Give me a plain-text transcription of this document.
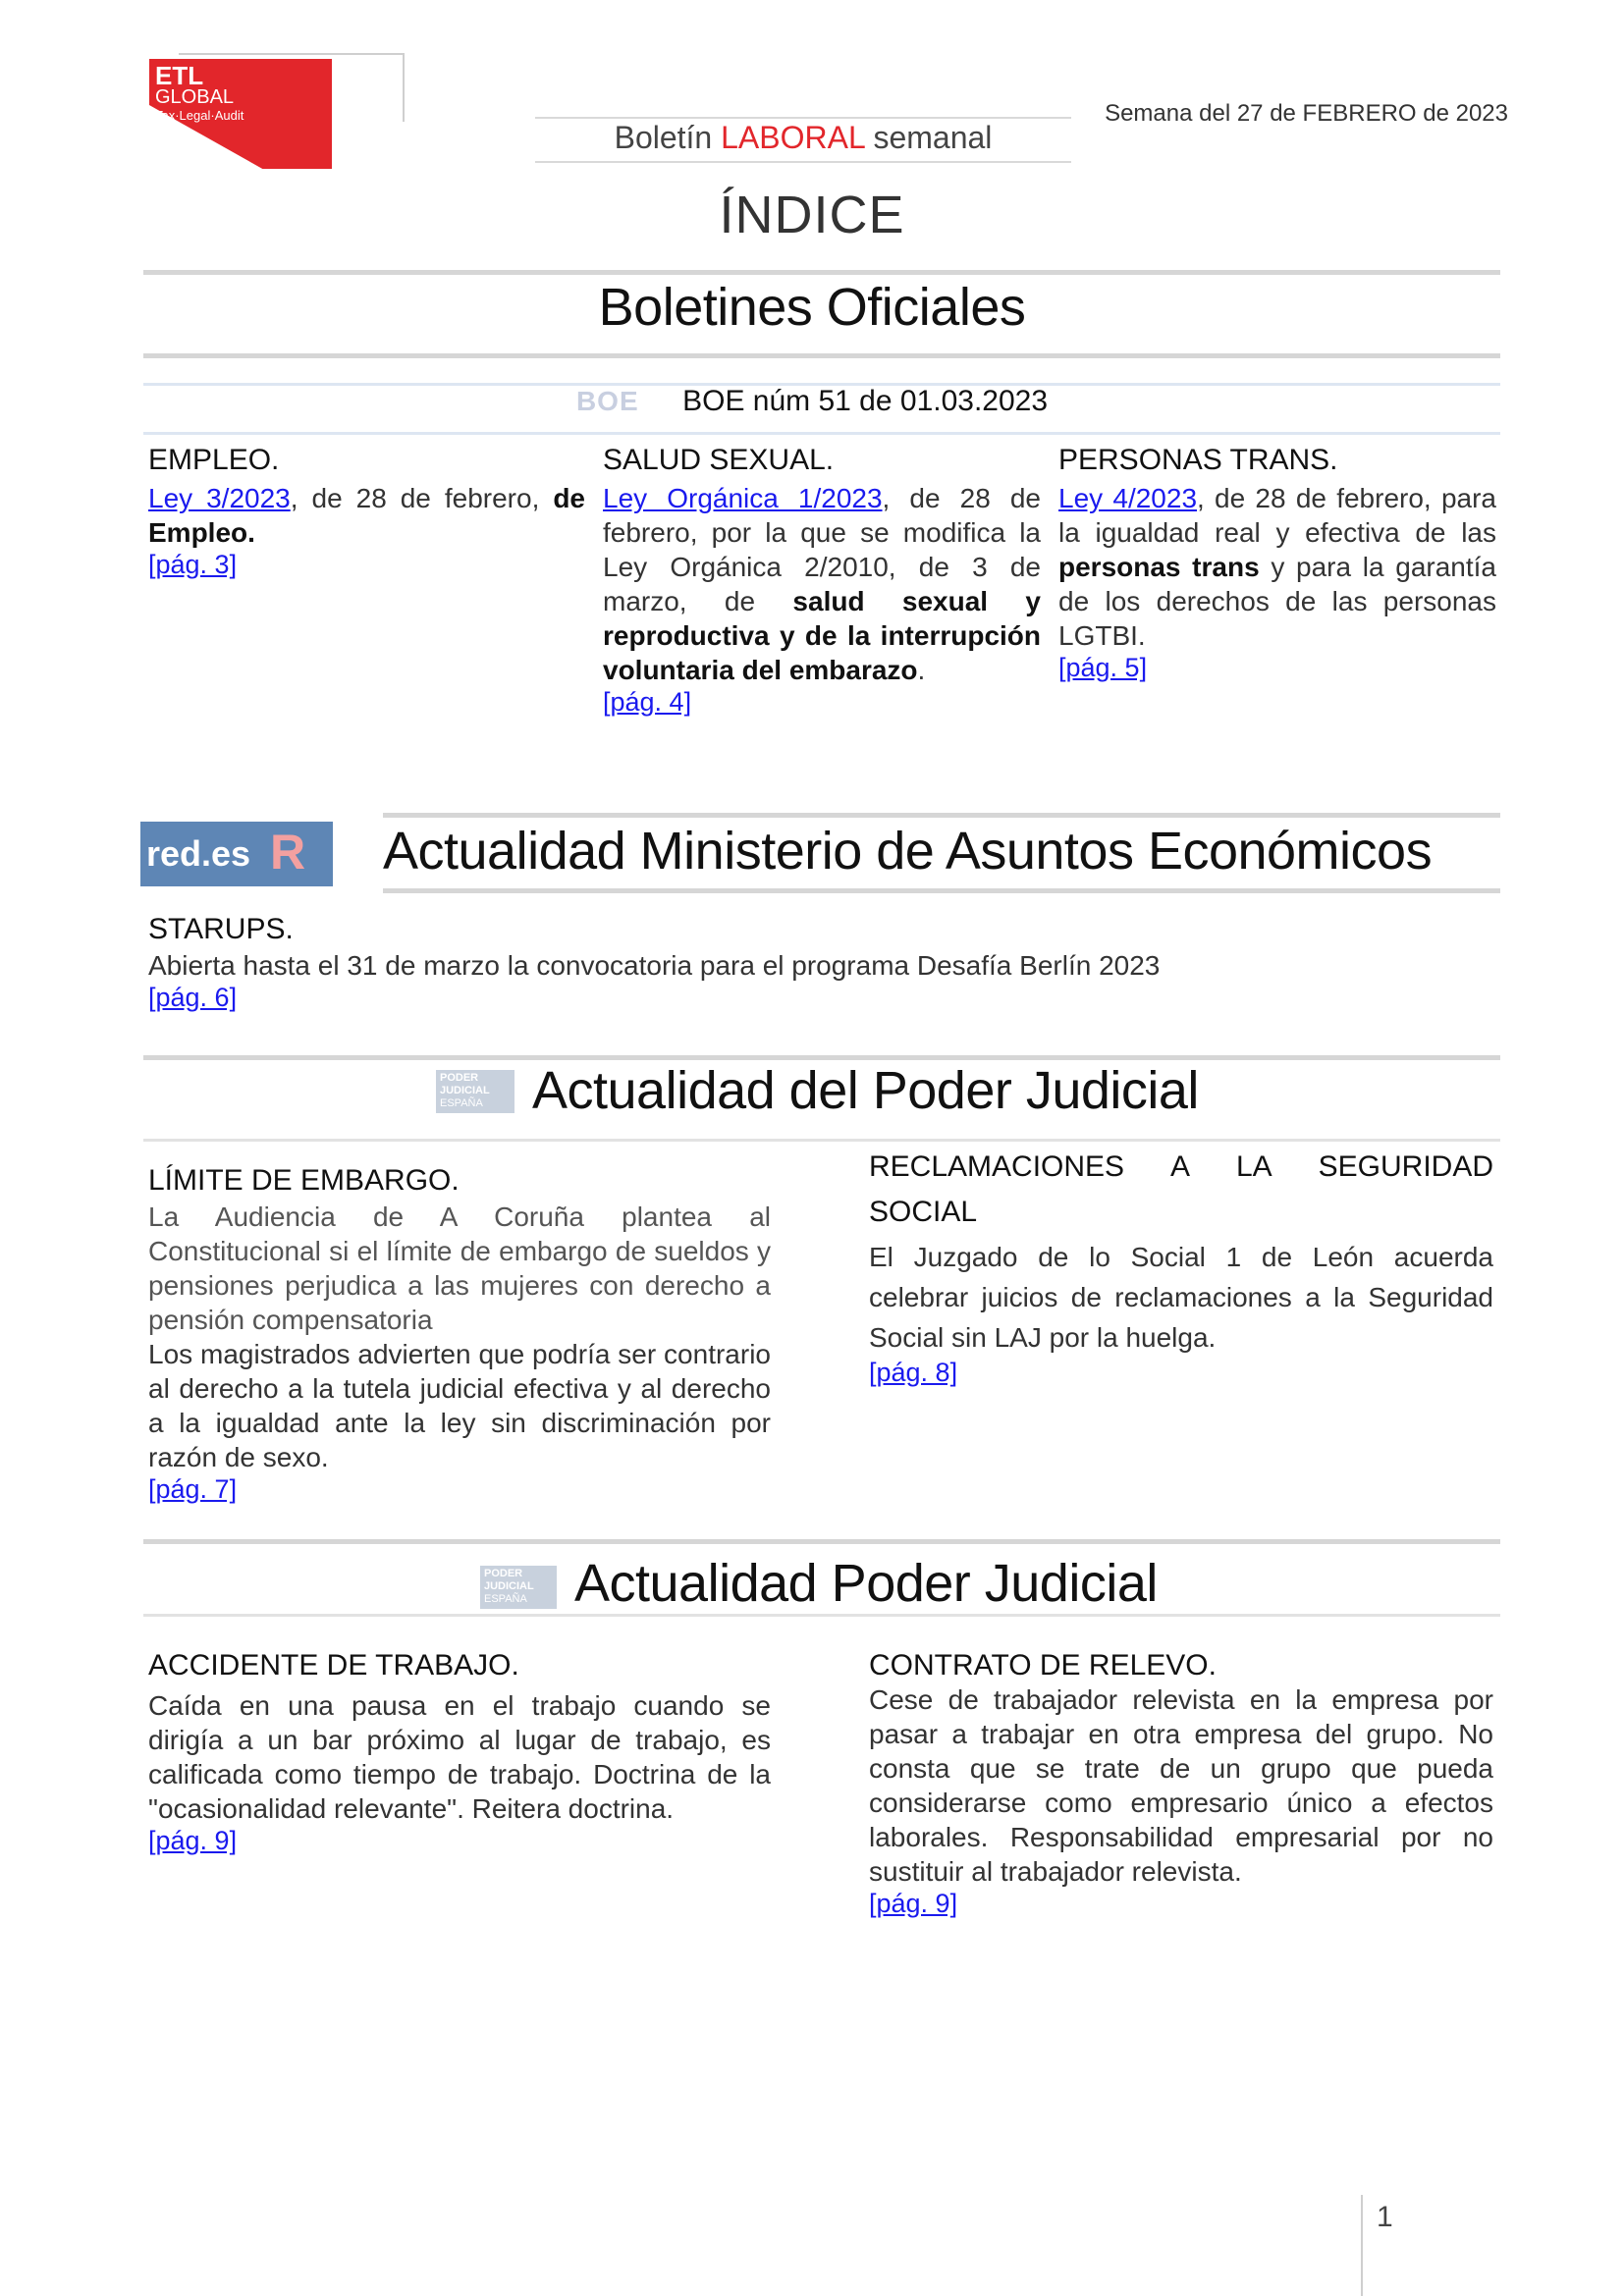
ETL
GLOBAL
Tax·Legal·Audit
Boletín LABORAL semanal
Semana del 27 de FEBRERO de 2023
ÍNDICE
Boletines Oficiales
BOE BOE núm 51 de 01.03.2023
EMPLEO.
Ley 3/2023, de 28 de febrero, de Empleo.
[pág. 3]
SALUD SEXUAL.
Ley Orgánica 1/2023, de 28 de febrero, por la que se modifica la Ley Orgánica 2/2010, de 3 de marzo, de salud sexual y reproductiva y de la interrupción voluntaria del embarazo.
[pág. 4]
PERSONAS TRANS.
Ley 4/2023, de 28 de febrero, para la igualdad real y efectiva de las personas trans y para la garantía de los derechos de las personas LGTBI.
[pág. 5]
red.es R Actualidad Ministerio de Asuntos Económicos
STARUPS.
Abierta hasta el 31 de marzo la convocatoria para el programa Desafía Berlín 2023
[pág. 6]
PODER
JUDICIAL
ESPAÑA Actualidad del Poder Judicial
LÍMITE DE EMBARGO.
La Audiencia de A Coruña plantea al Constitucional si el límite de embargo de sueldos y pensiones perjudica a las mujeres con derecho a pensión compensatoria
Los magistrados advierten que podría ser contrario al derecho a la tutela judicial efectiva y al derecho a la igualdad ante la ley sin discriminación por razón de sexo.
[pág. 7]
RECLAMACIONES A LA SEGURIDAD SOCIAL
El Juzgado de lo Social 1 de León acuerda celebrar juicios de reclamaciones a la Seguridad Social sin LAJ por la huelga.
[pág. 8]
PODER
JUDICIAL
ESPAÑA Actualidad Poder Judicial
ACCIDENTE DE TRABAJO.
Caída en una pausa en el trabajo cuando se dirigía a un bar próximo al lugar de trabajo, es calificada como tiempo de trabajo. Doctrina de la "ocasionalidad relevante". Reitera doctrina.
[pág. 9]
CONTRATO DE RELEVO.
Cese de trabajador relevista en la empresa por pasar a trabajar en otra empresa del grupo. No consta que se trate de un grupo que pueda considerarse como empresario único a efectos laborales. Responsabilidad empresarial por no sustituir al trabajador relevista.
[pág. 9]
1
